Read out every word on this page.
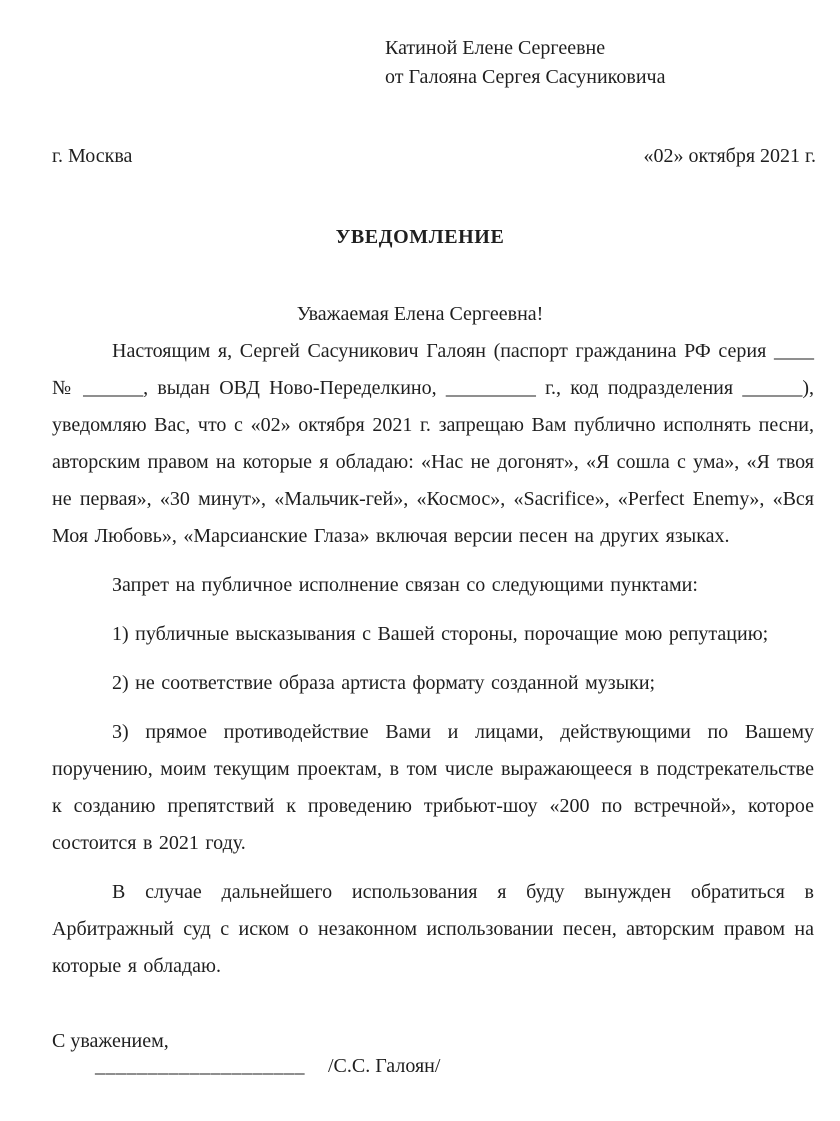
Катиной Елене Сергеевне
от Галояна Сергея Сасуниковича
г. Москва	«02» октября 2021 г.
УВЕДОМЛЕНИЕ

Уважаемая Елена Сергеевна!

Настоящим я, Сергей Сасуникович Галоян (паспорт гражданина РФ серия ____ № ______, выдан ОВД Ново-Переделкино, _________ г., код подразделения ______), уведомляю Вас, что с «02» октября 2021 г. запрещаю Вам публично исполнять песни, авторским правом на которые я обладаю: «Нас не догонят», «Я сошла с ума», «Я твоя не первая», «30 минут», «Мальчик-гей», «Космос», «Sacrifice», «Perfect Enemy», «Вся Моя Любовь», «Марсианские Глаза» включая версии песен на других языках.

Запрет на публичное исполнение связан со следующими пунктами:

1) публичные высказывания с Вашей стороны, порочащие мою репутацию;

2) не соответствие образа артиста формату созданной музыки;

3) прямое противодействие Вами и лицами, действующими по Вашему поручению, моим текущим проектам, в том числе выражающееся в подстрекательстве к созданию препятствий к проведению трибьют-шоу «200 по встречной», которое состоится в 2021 году.

В случае дальнейшего использования я буду вынужден обратиться в Арбитражный суд с иском о незаконном использовании песен, авторским правом на которые я обладаю.

С уважением,

____________________ /С.С. Галоян/
